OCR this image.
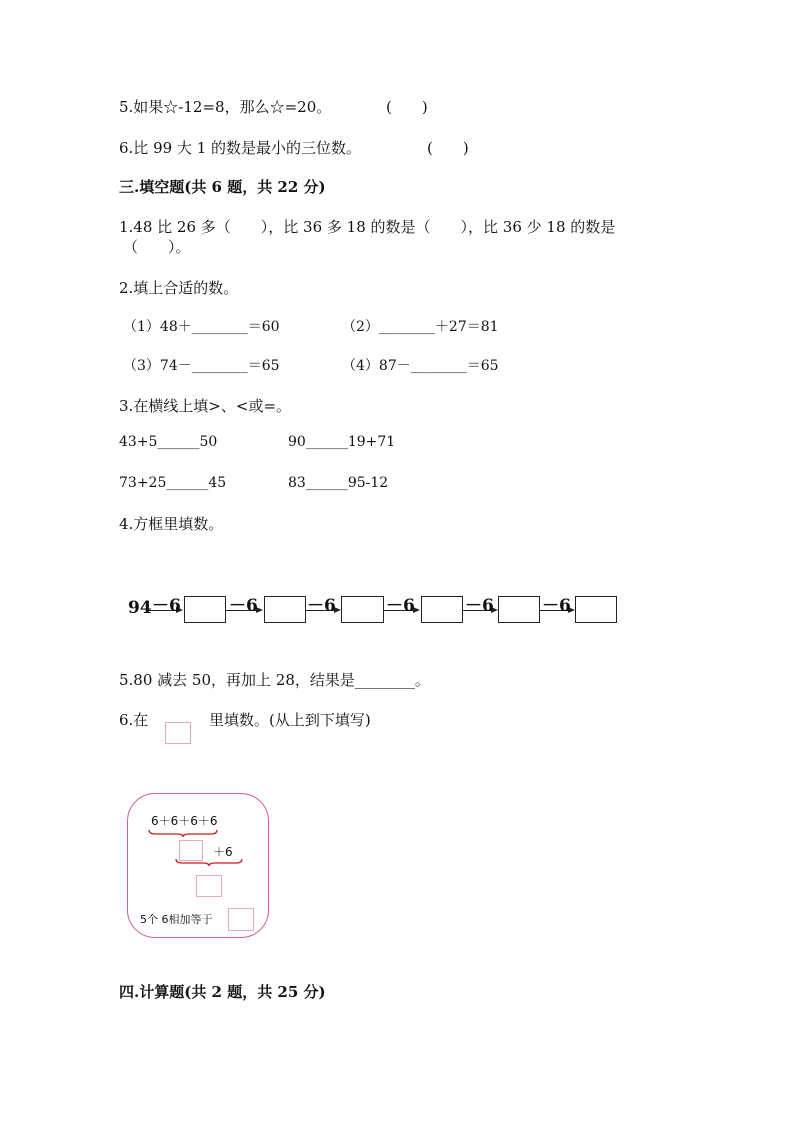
5.如果☆-12=8，那么☆=20。	(　　)
6.比 99 大 1 的数是最小的三位数。	(　　)
三.填空题(共 6 题，共 22 分)
1.48 比 26 多（　　），比 36 多 18 的数是（　　），比 36 少 18 的数是
（　　）。
2.填上合适的数。
（1）48＋________＝60	（2）________＋27＝81
（3）74－________＝65	（4）87－________＝65
3.在横线上填>、<或=。
43+5______50	90______19+71
73+25______45	83______95-12
4.方框里填数。
94 －6	－6	－6	－6	－6	－6
5.80 减去 50，再加上 28，结果是________。
6.在	里填数。(从上到下填写)
6＋6＋6＋6
＋6
5个 6相加等于
四.计算题(共 2 题，共 25 分)
